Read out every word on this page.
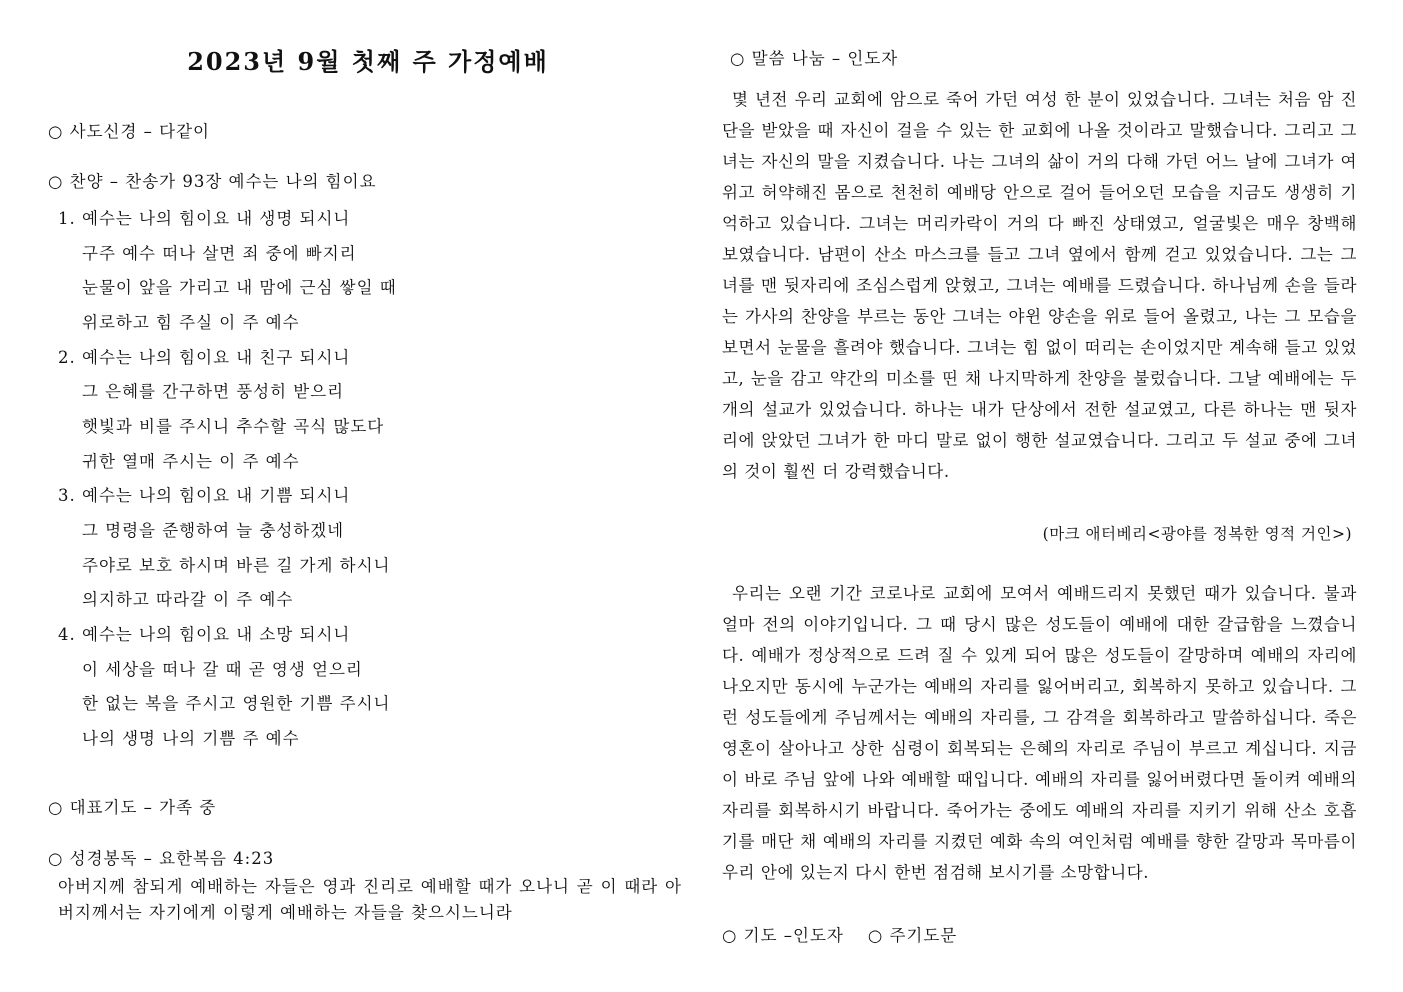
2023년 9월 첫째 주 가정예배
○ 사도신경 – 다같이
○ 찬양 – 찬송가 93장 예수는 나의 힘이요
1. 예수는 나의 힘이요 내 생명 되시니
구주 예수 떠나 살면 죄 중에 빠지리
눈물이 앞을 가리고 내 맘에 근심 쌓일 때
위로하고 힘 주실 이 주 예수
2. 예수는 나의 힘이요 내 친구 되시니
그 은혜를 간구하면 풍성히 받으리
햇빛과 비를 주시니 추수할 곡식 많도다
귀한 열매 주시는 이 주 예수
3. 예수는 나의 힘이요 내 기쁨 되시니
그 명령을 준행하여 늘 충성하겠네
주야로 보호 하시며 바른 길 가게 하시니
의지하고 따라갈 이 주 예수
4. 예수는 나의 힘이요 내 소망 되시니
이 세상을 떠나 갈 때 곧 영생 얻으리
한 없는 복을 주시고 영원한 기쁨 주시니
나의 생명 나의 기쁨 주 예수
○ 대표기도 – 가족 중
○ 성경봉독 – 요한복음 4:23
아버지께 참되게 예배하는 자들은 영과 진리로 예배할 때가 오나니 곧 이 때라 아버지께서는 자기에게 이렇게 예배하는 자들을 찾으시느니라
○ 말씀 나눔 – 인도자
몇 년전 우리 교회에 암으로 죽어 가던 여성 한 분이 있었습니다. 그녀는 처음 암 진단을 받았을 때 자신이 걸을 수 있는 한 교회에 나올 것이라고 말했습니다. 그리고 그녀는 자신의 말을 지켰습니다. 나는 그녀의 삶이 거의 다해 가던 어느 날에 그녀가 여위고 허약해진 몸으로 천천히 예배당 안으로 걸어 들어오던 모습을 지금도 생생히 기억하고 있습니다. 그녀는 머리카락이 거의 다 빠진 상태였고, 얼굴빛은 매우 창백해 보였습니다. 남편이 산소 마스크를 들고 그녀 옆에서 함께 걷고 있었습니다. 그는 그녀를 맨 뒷자리에 조심스럽게 앉혔고, 그녀는 예배를 드렸습니다. 하나님께 손을 들라는 가사의 찬양을 부르는 동안 그녀는 야윈 양손을 위로 들어 올렸고, 나는 그 모습을 보면서 눈물을 흘려야 했습니다. 그녀는 힘 없이 떠리는 손이었지만 계속해 들고 있었고, 눈을 감고 약간의 미소를 띤 채 나지막하게 찬양을 불렀습니다. 그날 예배에는 두 개의 설교가 있었습니다. 하나는 내가 단상에서 전한 설교였고, 다른 하나는 맨 뒷자리에 앉았던 그녀가 한 마디 말로 없이 행한 설교였습니다. 그리고 두 설교 중에 그녀의 것이 훨씬 더 강력했습니다.
(마크 애터베리<광야를 정복한 영적 거인>)
우리는 오랜 기간 코로나로 교회에 모여서 예배드리지 못했던 때가 있습니다. 불과 얼마 전의 이야기입니다. 그 때 당시 많은 성도들이 예배에 대한 갈급함을 느꼈습니다. 예배가 정상적으로 드려 질 수 있게 되어 많은 성도들이 갈망하며 예배의 자리에 나오지만 동시에 누군가는 예배의 자리를 잃어버리고, 회복하지 못하고 있습니다. 그런 성도들에게 주님께서는 예배의 자리를, 그 감격을 회복하라고 말씀하십니다. 죽은 영혼이 살아나고 상한 심령이 회복되는 은혜의 자리로 주님이 부르고 계십니다. 지금이 바로 주님 앞에 나와 예배할 때입니다. 예배의 자리를 잃어버렸다면 돌이켜 예배의 자리를 회복하시기 바랍니다. 죽어가는 중에도 예배의 자리를 지키기 위해 산소 호흡기를 매단 채 예배의 자리를 지켰던 예화 속의 여인처럼 예배를 향한 갈망과 목마름이 우리 안에 있는지 다시 한번 점검해 보시기를 소망합니다.
○ 기도 –인도자 ○ 주기도문
